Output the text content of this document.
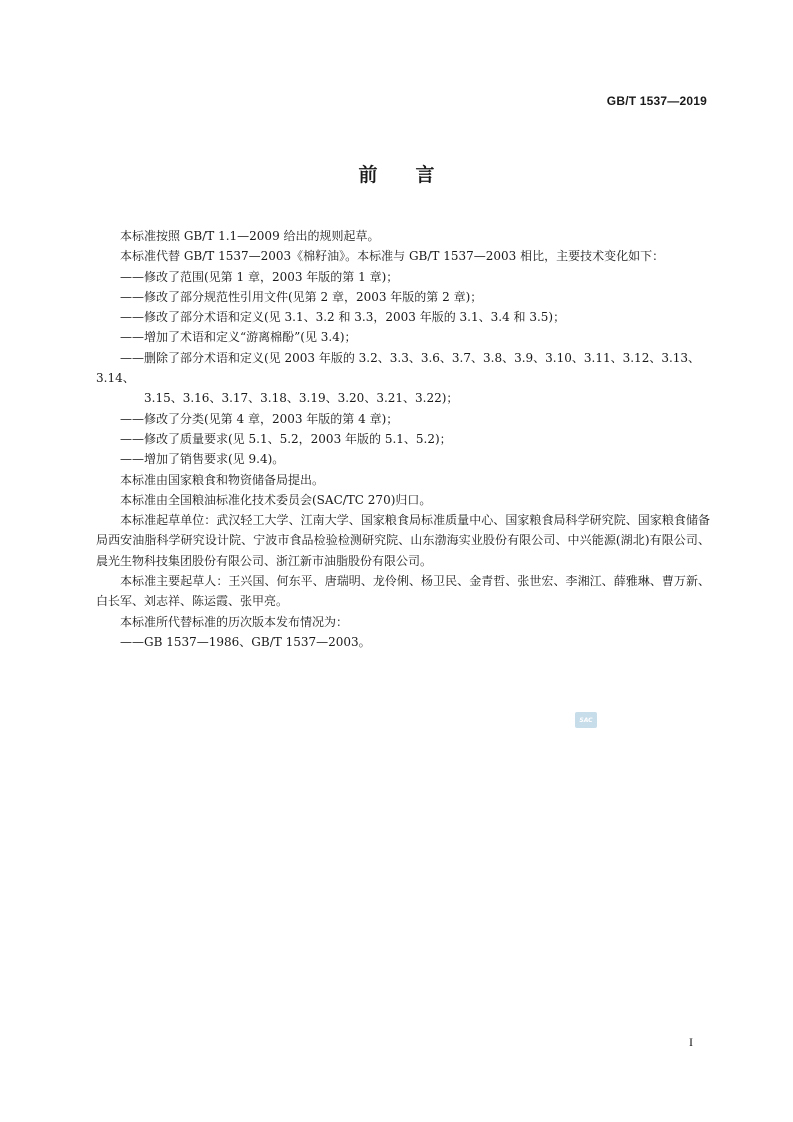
GB/T 1537—2019
前言

本标准按照 GB/T 1.1—2009 给出的规则起草。

本标准代替 GB/T 1537—2003《棉籽油》。本标准与 GB/T 1537—2003 相比，主要技术变化如下：

——修改了范围(见第 1 章，2003 年版的第 1 章)；

——修改了部分规范性引用文件(见第 2 章，2003 年版的第 2 章)；

——修改了部分术语和定义(见 3.1、3.2 和 3.3，2003 年版的 3.1、3.4 和 3.5)；

——增加了术语和定义“游离棉酚”(见 3.4)；

——删除了部分术语和定义(见 2003 年版的 3.2、3.3、3.6、3.7、3.8、3.9、3.10、3.11、3.12、3.13、3.14、

3.15、3.16、3.17、3.18、3.19、3.20、3.21、3.22)；

——修改了分类(见第 4 章，2003 年版的第 4 章)；

——修改了质量要求(见 5.1、5.2，2003 年版的 5.1、5.2)；

——增加了销售要求(见 9.4)。

本标准由国家粮食和物资储备局提出。

本标准由全国粮油标准化技术委员会(SAC/TC 270)归口。

本标准起草单位：武汉轻工大学、江南大学、国家粮食局标准质量中心、国家粮食局科学研究院、国家粮食储备局西安油脂科学研究设计院、宁波市食品检验检测研究院、山东渤海实业股份有限公司、中兴能源(湖北)有限公司、晨光生物科技集团股份有限公司、浙江新市油脂股份有限公司。

本标准主要起草人：王兴国、何东平、唐瑞明、龙伶俐、杨卫民、金青哲、张世宏、李湘江、薛雅琳、曹万新、白长军、刘志祥、陈运霞、张甲亮。

本标准所代替标准的历次版本发布情况为：

——GB 1537—1986、GB/T 1537—2003。

SAC
I
